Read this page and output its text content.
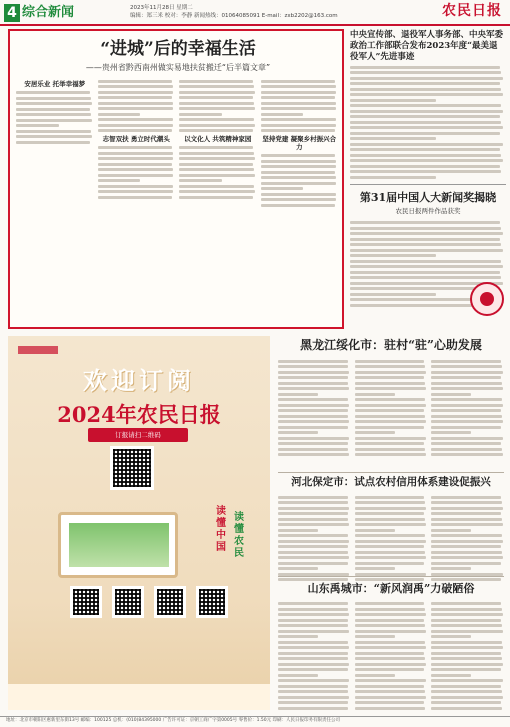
4 综合新闻	2023年11月28日 星期二
编辑：郑三米 校对：李静 新闻热线：01064085091 E-mail：zxb2202@163.com	农民日报
“进城”后的幸福生活
——贵州省黔西南州做实易地扶贫搬迁“后半篇文章”
安居乐业 托举幸福梦
志智双扶 勇立时代潮头	以文化人 共筑精神家园	坚持党建 凝聚乡村振兴合力
中央宣传部、退役军人事务部、中央军委政治工作部联合发布2023年度“最美退役军人”先进事迹
第31届中国人大新闻奖揭晓
农民日报两件作品获奖
欢迎订阅
2024年农民日报
订报请扫二维码
读懂中国
读懂农民
黑龙江绥化市：驻村“驻”心助发展
河北保定市：试点农村信用体系建设促振兴
山东禹城市：“新风润禹”力破陋俗
地址：北京市朝阳区惠新里东街13号 邮编：100125 总机：(010)84395000 广告许可证：京朝工商广字第0005号 零售价：1.50元 印刷：人民日报印务有限责任公司
